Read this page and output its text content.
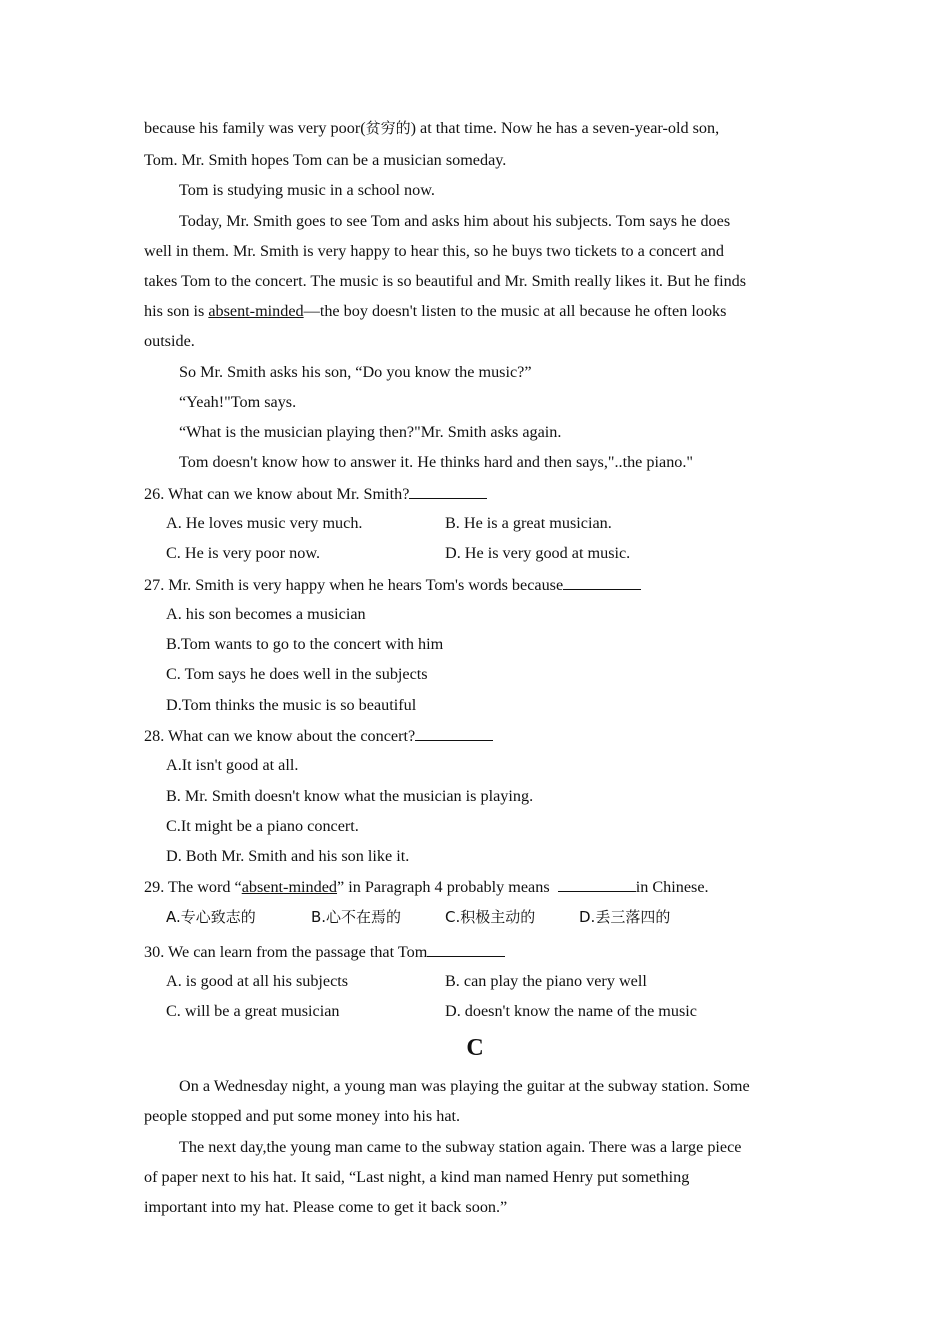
because his family was very poor(贫穷的) at that time. Now he has a seven-year-old son,
Tom. Mr. Smith hopes Tom can be a musician someday.
Tom is studying music in a school now.
Today, Mr. Smith goes to see Tom and asks him about his subjects. Tom says he does
well in them. Mr. Smith is very happy to hear this, so he buys two tickets to a concert and
takes Tom to the concert. The music is so beautiful and Mr. Smith really likes it. But he finds
his son is absent-minded—the boy doesn't listen to the music at all because he often looks
outside.
So Mr. Smith asks his son, “Do you know the music?”
“Yeah!"Tom says.
“What is the musician playing then?"Mr. Smith asks again.
Tom doesn't know how to answer it. He thinks hard and then says,"..the piano."
26. What can we know about Mr. Smith?
A. He loves music very much.	B. He is a great musician.
C. He is very poor now.	D. He is very good at music.
27. Mr. Smith is very happy when he hears Tom's words because
A. his son becomes a musician
B.Tom wants to go to the concert with him
C. Tom says he does well in the subjects
D.Tom thinks the music is so beautiful
28. What can we know about the concert?
A.It isn't good at all.
B. Mr. Smith doesn't know what the musician is playing.
C.It might be a piano concert.
D. Both Mr. Smith and his son like it.
29. The word “absent-minded” in Paragraph 4 probably means	in Chinese.
A.专心致志的	B.心不在焉的	C.积极主动的	D.丢三落四的
30. We can learn from the passage that Tom
A. is good at all his subjects	B. can play the piano very well
C. will be a great musician	D. doesn't know the name of the music
C
On a Wednesday night, a young man was playing the guitar at the subway station. Some
people stopped and put some money into his hat.
The next day,the young man came to the subway station again. There was a large piece
of paper next to his hat. It said, “Last night, a kind man named Henry put something
important into my hat. Please come to get it back soon.”
